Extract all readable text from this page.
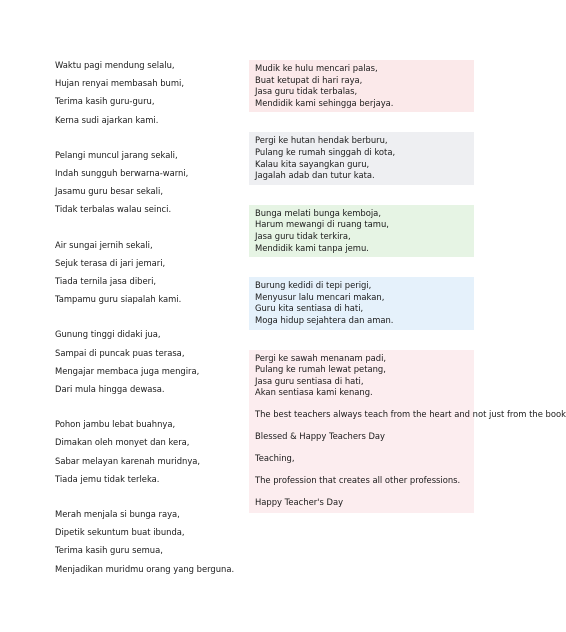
Waktu pagi mendung selalu,
Hujan renyai membasah bumi,
Terima kasih guru-guru,
Kerna sudi ajarkan kami.
Pelangi muncul jarang sekali,
Indah sungguh berwarna-warni,
Jasamu guru besar sekali,
Tidak terbalas walau seinci.
Air sungai jernih sekali,
Sejuk terasa di jari jemari,
Tiada ternila jasa diberi,
Tampamu guru siapalah kami.
Gunung tinggi didaki jua,
Sampai di puncak puas terasa,
Mengajar membaca juga mengira,
Dari mula hingga dewasa.
Pohon jambu lebat buahnya,
Dimakan oleh monyet dan kera,
Sabar melayan karenah muridnya,
Tiada jemu tidak terleka.
Merah menjala si bunga raya,
Dipetik sekuntum buat ibunda,
Terima kasih guru semua,
Menjadikan muridmu orang yang berguna.
Mudik ke hulu mencari palas,
Buat ketupat di hari raya,
Jasa guru tidak terbalas,
Mendidik kami sehingga berjaya.
Pergi ke hutan hendak berburu,
Pulang ke rumah singgah di kota,
Kalau kita sayangkan guru,
Jagalah adab dan tutur kata.
Bunga melati bunga kemboja,
Harum mewangi di ruang tamu,
Jasa guru tidak terkira,
Mendidik kami tanpa jemu.
Burung kedidi di tepi perigi,
Menyusur lalu mencari makan,
Guru kita sentiasa di hati,
Moga hidup sejahtera dan aman.
Pergi ke sawah menanam padi,
Pulang ke rumah lewat petang,
Jasa guru sentiasa di hati,
Akan sentiasa kami kenang.
The best teachers always teach from the heart and not just from the book
Blessed & Happy Teachers Day
Teaching,
The profession that creates all other professions.
Happy Teacher's Day
